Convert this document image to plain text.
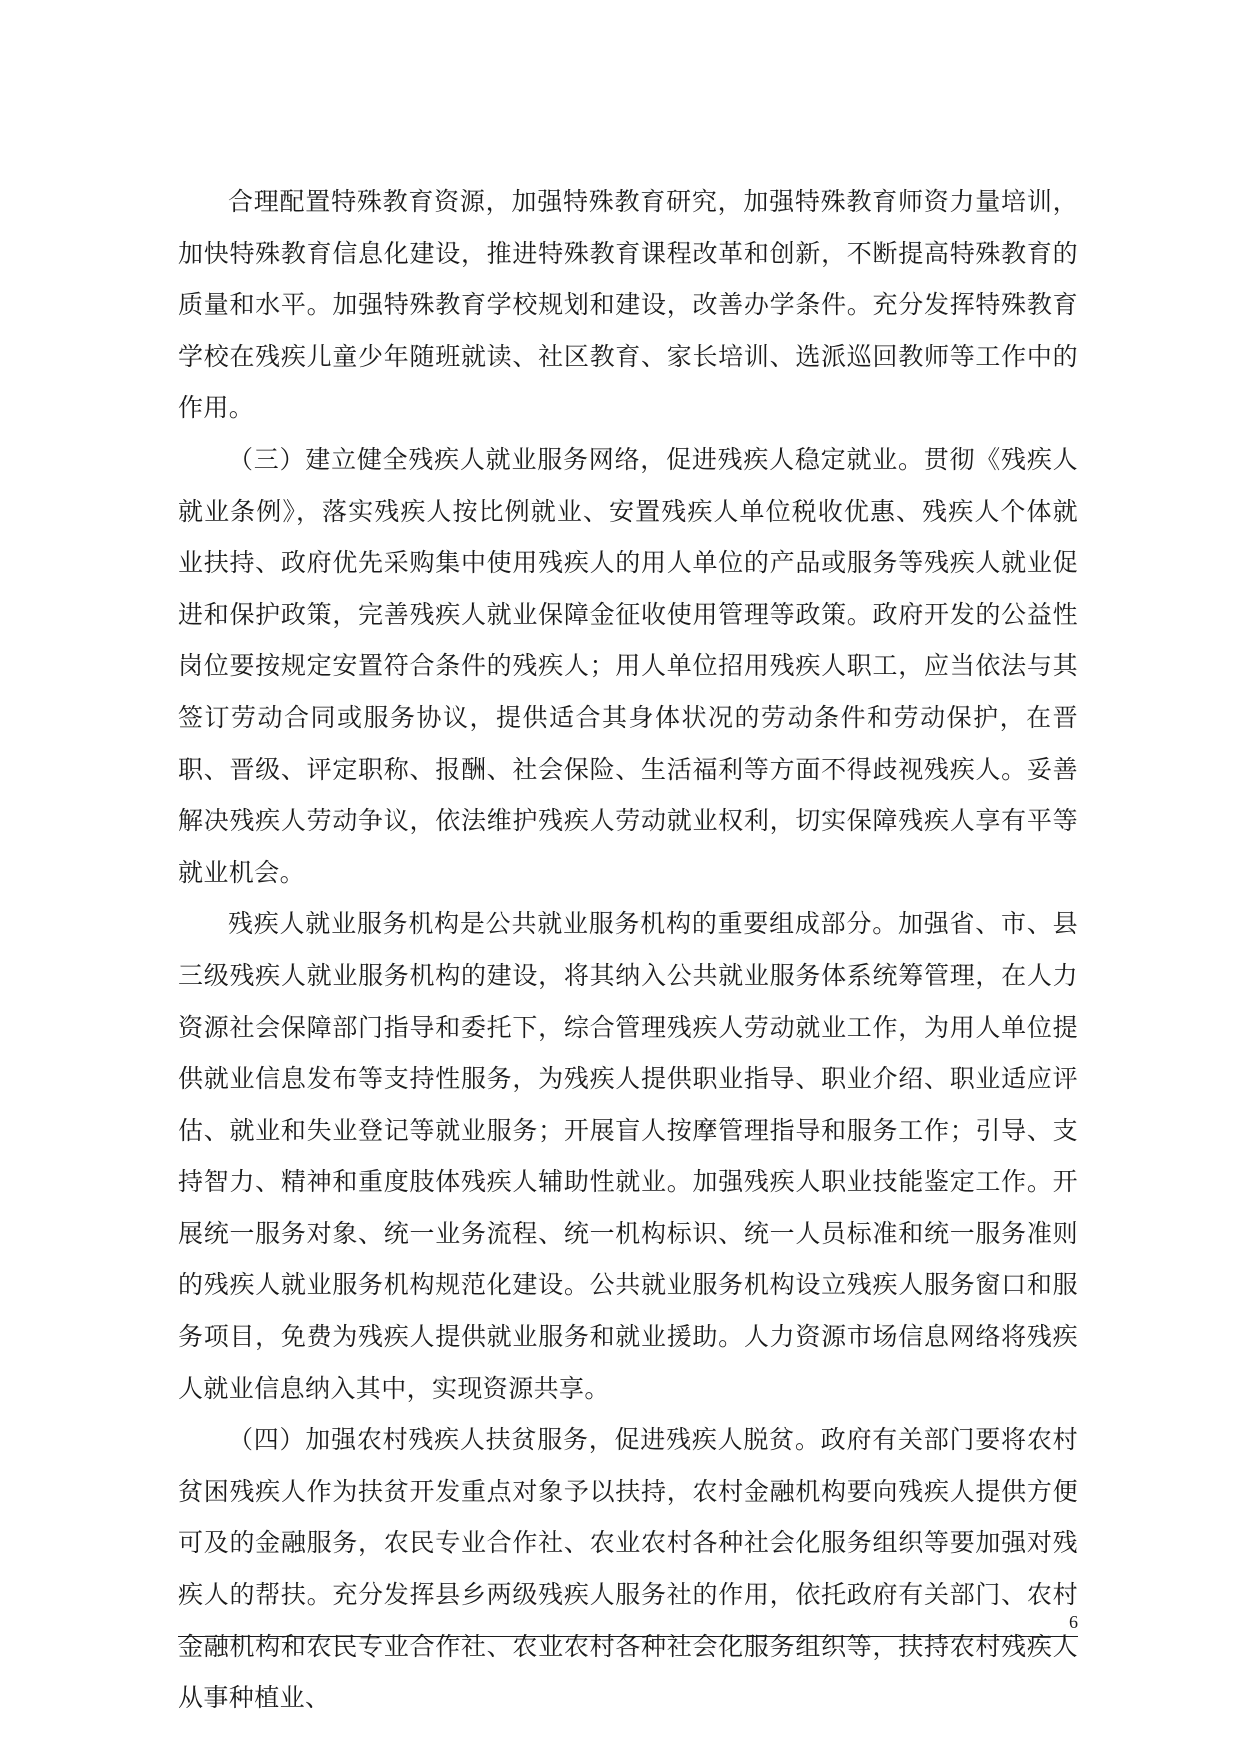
合理配置特殊教育资源，加强特殊教育研究，加强特殊教育师资力量培训，加快特殊教育信息化建设，推进特殊教育课程改革和创新，不断提高特殊教育的质量和水平。加强特殊教育学校规划和建设，改善办学条件。充分发挥特殊教育学校在残疾儿童少年随班就读、社区教育、家长培训、选派巡回教师等工作中的作用。

（三）建立健全残疾人就业服务网络，促进残疾人稳定就业。贯彻《残疾人就业条例》，落实残疾人按比例就业、安置残疾人单位税收优惠、残疾人个体就业扶持、政府优先采购集中使用残疾人的用人单位的产品或服务等残疾人就业促进和保护政策，完善残疾人就业保障金征收使用管理等政策。政府开发的公益性岗位要按规定安置符合条件的残疾人；用人单位招用残疾人职工，应当依法与其签订劳动合同或服务协议，提供适合其身体状况的劳动条件和劳动保护，在晋职、晋级、评定职称、报酬、社会保险、生活福利等方面不得歧视残疾人。妥善解决残疾人劳动争议，依法维护残疾人劳动就业权利，切实保障残疾人享有平等就业机会。

残疾人就业服务机构是公共就业服务机构的重要组成部分。加强省、市、县三级残疾人就业服务机构的建设，将其纳入公共就业服务体系统筹管理，在人力资源社会保障部门指导和委托下，综合管理残疾人劳动就业工作，为用人单位提供就业信息发布等支持性服务，为残疾人提供职业指导、职业介绍、职业适应评估、就业和失业登记等就业服务；开展盲人按摩管理指导和服务工作；引导、支持智力、精神和重度肢体残疾人辅助性就业。加强残疾人职业技能鉴定工作。开展统一服务对象、统一业务流程、统一机构标识、统一人员标准和统一服务准则的残疾人就业服务机构规范化建设。公共就业服务机构设立残疾人服务窗口和服务项目，免费为残疾人提供就业服务和就业援助。人力资源市场信息网络将残疾人就业信息纳入其中，实现资源共享。

（四）加强农村残疾人扶贫服务，促进残疾人脱贫。政府有关部门要将农村贫困残疾人作为扶贫开发重点对象予以扶持，农村金融机构要向残疾人提供方便可及的金融服务，农民专业合作社、农业农村各种社会化服务组织等要加强对残疾人的帮扶。充分发挥县乡两级残疾人服务社的作用，依托政府有关部门、农村金融机构和农民专业合作社、农业农村各种社会化服务组织等，扶持农村残疾人从事种植业、

6
